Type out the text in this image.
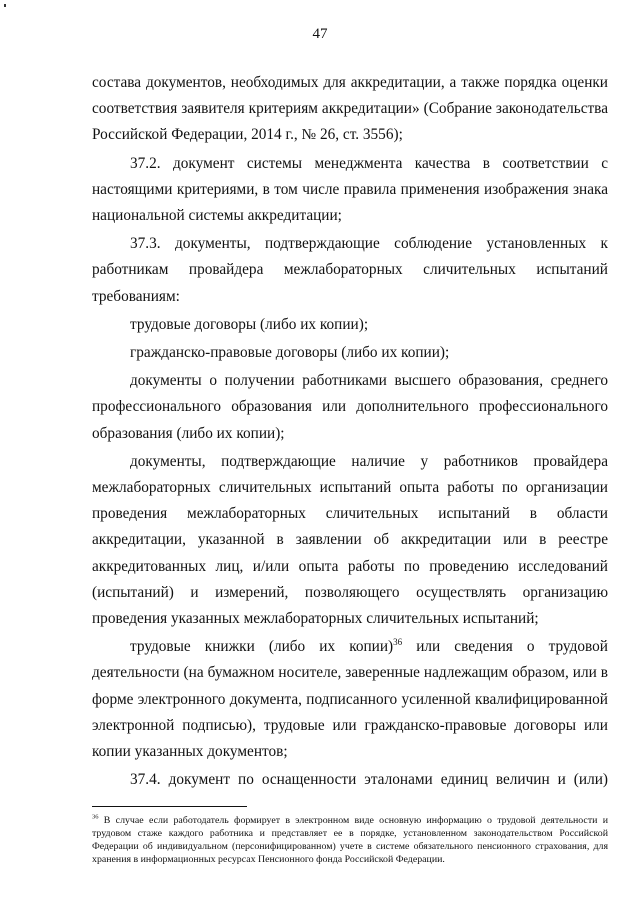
47

состава документов, необходимых для аккредитации, а также порядка оценки соответствия заявителя критериям аккредитации» (Собрание законодательства Российской Федерации, 2014 г., № 26, ст. 3556);

37.2. документ системы менеджмента качества в соответствии с настоящими критериями, в том числе правила применения изображения знака национальной системы аккредитации;

37.3. документы, подтверждающие соблюдение установленных к работникам провайдера межлабораторных сличительных испытаний требованиям:

трудовые договоры (либо их копии);

гражданско-правовые договоры (либо их копии);

документы о получении работниками высшего образования, среднего профессионального образования или дополнительного профессионального образования (либо их копии);

документы, подтверждающие наличие у работников провайдера межлабораторных сличительных испытаний опыта работы по организации проведения межлабораторных сличительных испытаний в области аккредитации, указанной в заявлении об аккредитации или в реестре аккредитованных лиц, и/или опыта работы по проведению исследований (испытаний) и измерений, позволяющего осуществлять организацию проведения указанных межлабораторных сличительных испытаний;

трудовые книжки (либо их копии)$^{36}$ или сведения о трудовой деятельности (на бумажном носителе, заверенные надлежащим образом, или в форме электронного документа, подписанного усиленной квалифицированной электронной подписью), трудовые или гражданско-правовые договоры или копии указанных документов;

37.4. документ по оснащенности эталонами единиц величин и (или)

$^{36}$ В случае если работодатель формирует в электронном виде основную информацию о трудовой деятельности и трудовом стаже каждого работника и представляет ее в порядке, установленном законодательством Российской Федерации об индивидуальном (персонифицированном) учете в системе обязательного пенсионного страхования, для хранения в информационных ресурсах Пенсионного фонда Российской Федерации.
